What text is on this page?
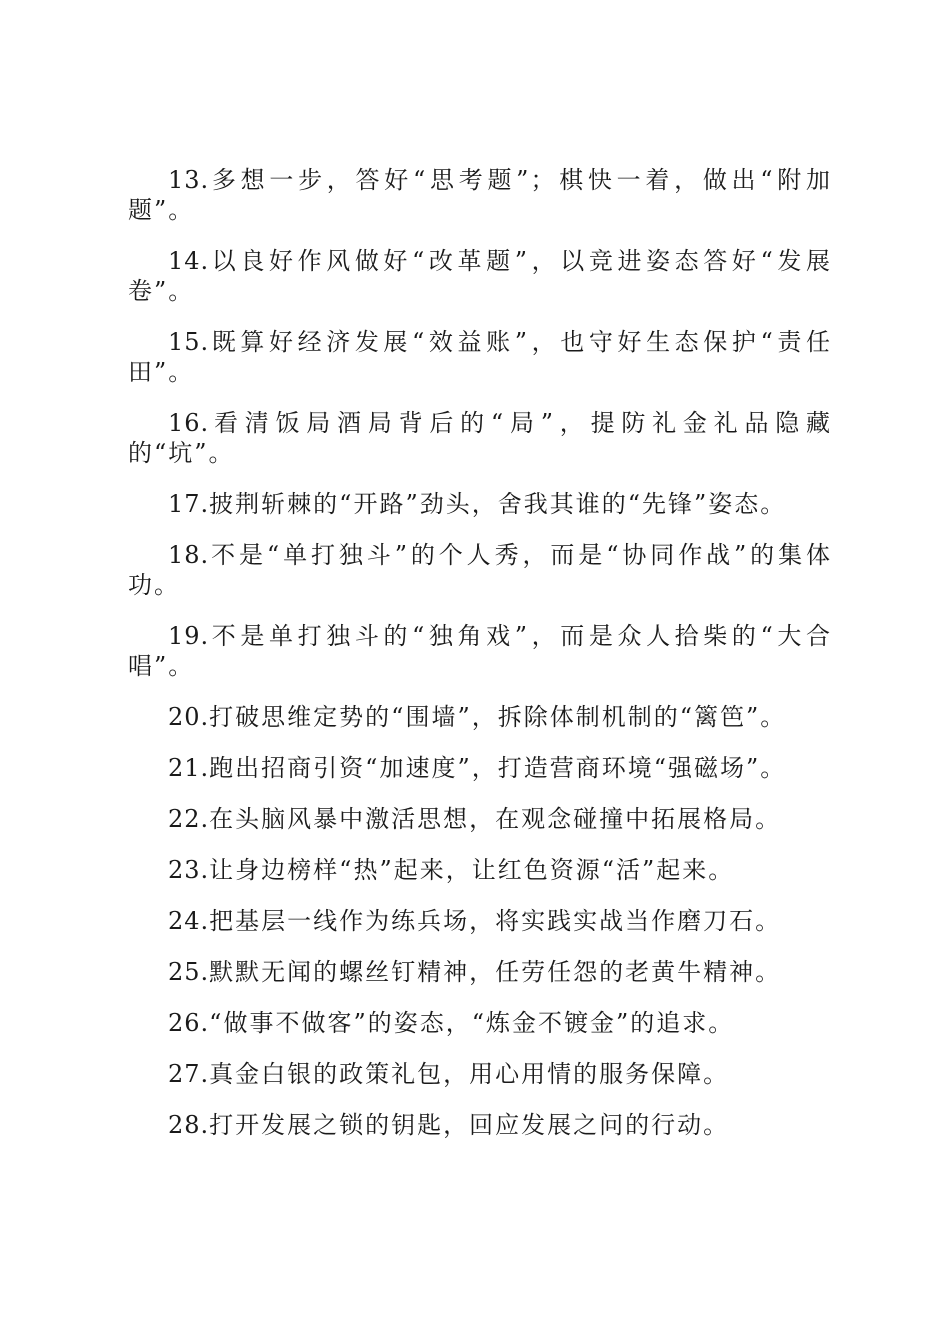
13.多想一步，答好“思考题”；棋快一着，做出“附加题”。

14.以良好作风做好“改革题”，以竞进姿态答好“发展卷”。

15.既算好经济发展“效益账”，也守好生态保护“责任田”。

16.看清饭局酒局背后的“局”，提防礼金礼品隐藏的“坑”。

17.披荆斩棘的“开路”劲头，舍我其谁的“先锋”姿态。

18.不是“单打独斗”的个人秀，而是“协同作战”的集体功。

19.不是单打独斗的“独角戏”，而是众人拾柴的“大合唱”。

20.打破思维定势的“围墙”，拆除体制机制的“篱笆”。

21.跑出招商引资“加速度”，打造营商环境“强磁场”。

22.在头脑风暴中激活思想，在观念碰撞中拓展格局。

23.让身边榜样“热”起来，让红色资源“活”起来。

24.把基层一线作为练兵场，将实践实战当作磨刀石。

25.默默无闻的螺丝钉精神，任劳任怨的老黄牛精神。

26.“做事不做客”的姿态，“炼金不镀金”的追求。

27.真金白银的政策礼包，用心用情的服务保障。

28.打开发展之锁的钥匙，回应发展之问的行动。
